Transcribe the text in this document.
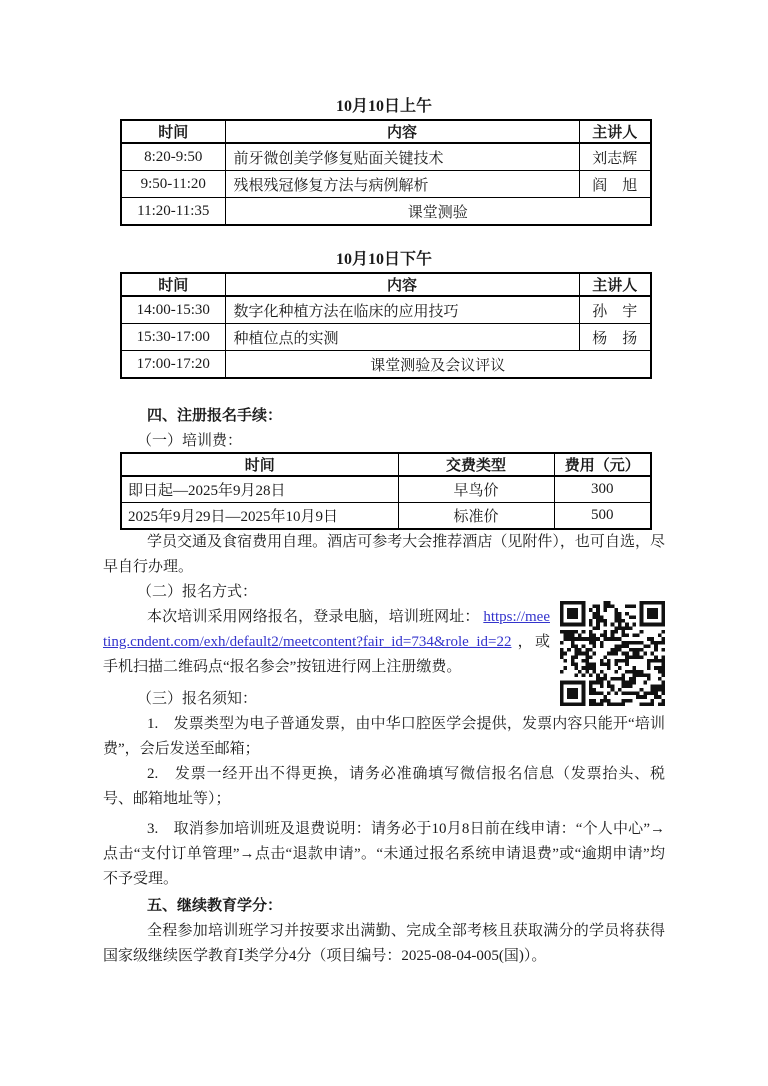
10月10日上午
时间	内容	主讲人
8:20-9:50	前牙微创美学修复贴面关键技术	刘志辉
9:50-11:20	残根残冠修复方法与病例解析	阎　旭
11:20-11:35	课堂测验	
10月10日下午
时间	内容	主讲人
14:00-15:30	数字化种植方法在临床的应用技巧	孙　宇
15:30-17:00	种植位点的实测	杨　扬
17:00-17:20	课堂测验及会议评议	
四、注册报名手续：
（一）培训费：
时间	交费类型	费用（元）
即日起—2025年9月28日	早鸟价	300
2025年9月29日—2025年10月9日	标准价	500

学员交通及食宿费用自理。酒店可参考大会推荐酒店（见附件），也可自选，尽早自行办理。

（二）报名方式：
本次培训采用网络报名，登录电脑，培训班网址： https://meeting.cndent.com/exh/default2/meetcontent?fair_id=734&role_id=22 ，或手机扫描二维码点“报名参会”按钮进行网上注册缴费。
（三）报名须知：

1.　发票类型为电子普通发票，由中华口腔医学会提供，发票内容只能开“培训费”，会后发送至邮箱；

2.　发票一经开出不得更换，请务必准确填写微信报名信息（发票抬头、税号、邮箱地址等）；

3.　取消参加培训班及退费说明：请务必于10月8日前在线申请：“个人中心”→点击“支付订单管理”→点击“退款申请”。“未通过报名系统申请退费”或“逾期申请”均不予受理。

五、继续教育学分：

全程参加培训班学习并按要求出满勤、完成全部考核且获取满分的学员将获得国家级继续医学教育Ⅰ类学分4分（项目编号：2025-08-04-005(国)）。
